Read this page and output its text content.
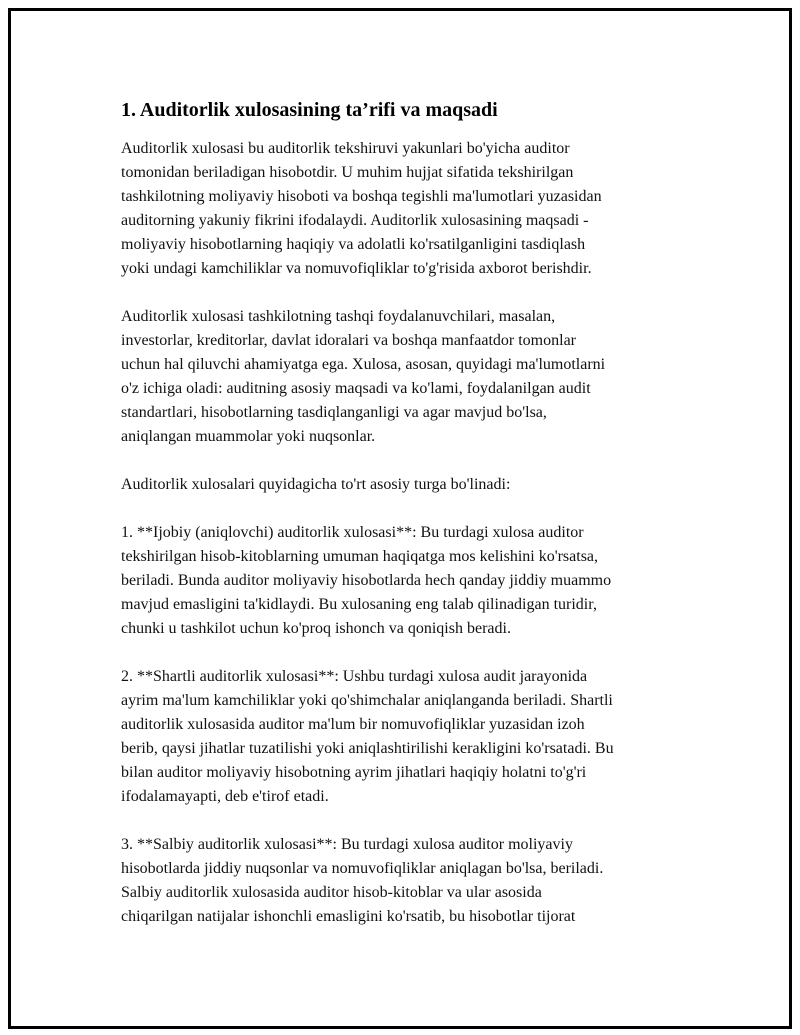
1. Auditorlik xulosasining ta’rifi va maqsadi

Auditorlik xulosasi bu auditorlik tekshiruvi yakunlari bo'yicha auditor
tomonidan beriladigan hisobotdir. U muhim hujjat sifatida tekshirilgan
tashkilotning moliyaviy hisoboti va boshqa tegishli ma'lumotlari yuzasidan
auditorning yakuniy fikrini ifodalaydi. Auditorlik xulosasining maqsadi -
moliyaviy hisobotlarning haqiqiy va adolatli ko'rsatilganligini tasdiqlash
yoki undagi kamchiliklar va nomuvofiqliklar to'g'risida axborot berishdir.

Auditorlik xulosasi tashkilotning tashqi foydalanuvchilari, masalan,
investorlar, kreditorlar, davlat idoralari va boshqa manfaatdor tomonlar
uchun hal qiluvchi ahamiyatga ega. Xulosa, asosan, quyidagi ma'lumotlarni
o'z ichiga oladi: auditning asosiy maqsadi va ko'lami, foydalanilgan audit
standartlari, hisobotlarning tasdiqlanganligi va agar mavjud bo'lsa,
aniqlangan muammolar yoki nuqsonlar.

Auditorlik xulosalari quyidagicha to'rt asosiy turga bo'linadi:

1. **Ijobiy (aniqlovchi) auditorlik xulosasi**: Bu turdagi xulosa auditor
tekshirilgan hisob-kitoblarning umuman haqiqatga mos kelishini ko'rsatsa,
beriladi. Bunda auditor moliyaviy hisobotlarda hech qanday jiddiy muammo
mavjud emasligini ta'kidlaydi. Bu xulosaning eng talab qilinadigan turidir,
chunki u tashkilot uchun ko'proq ishonch va qoniqish beradi.

2. **Shartli auditorlik xulosasi**: Ushbu turdagi xulosa audit jarayonida
ayrim ma'lum kamchiliklar yoki qo'shimchalar aniqlanganda beriladi. Shartli
auditorlik xulosasida auditor ma'lum bir nomuvofiqliklar yuzasidan izoh
berib, qaysi jihatlar tuzatilishi yoki aniqlashtirilishi kerakligini ko'rsatadi. Bu
bilan auditor moliyaviy hisobotning ayrim jihatlari haqiqiy holatni to'g'ri
ifodalamayapti, deb e'tirof etadi.

3. **Salbiy auditorlik xulosasi**: Bu turdagi xulosa auditor moliyaviy
hisobotlarda jiddiy nuqsonlar va nomuvofiqliklar aniqlagan bo'lsa, beriladi.
Salbiy auditorlik xulosasida auditor hisob-kitoblar va ular asosida
chiqarilgan natijalar ishonchli emasligini ko'rsatib, bu hisobotlar tijorat
